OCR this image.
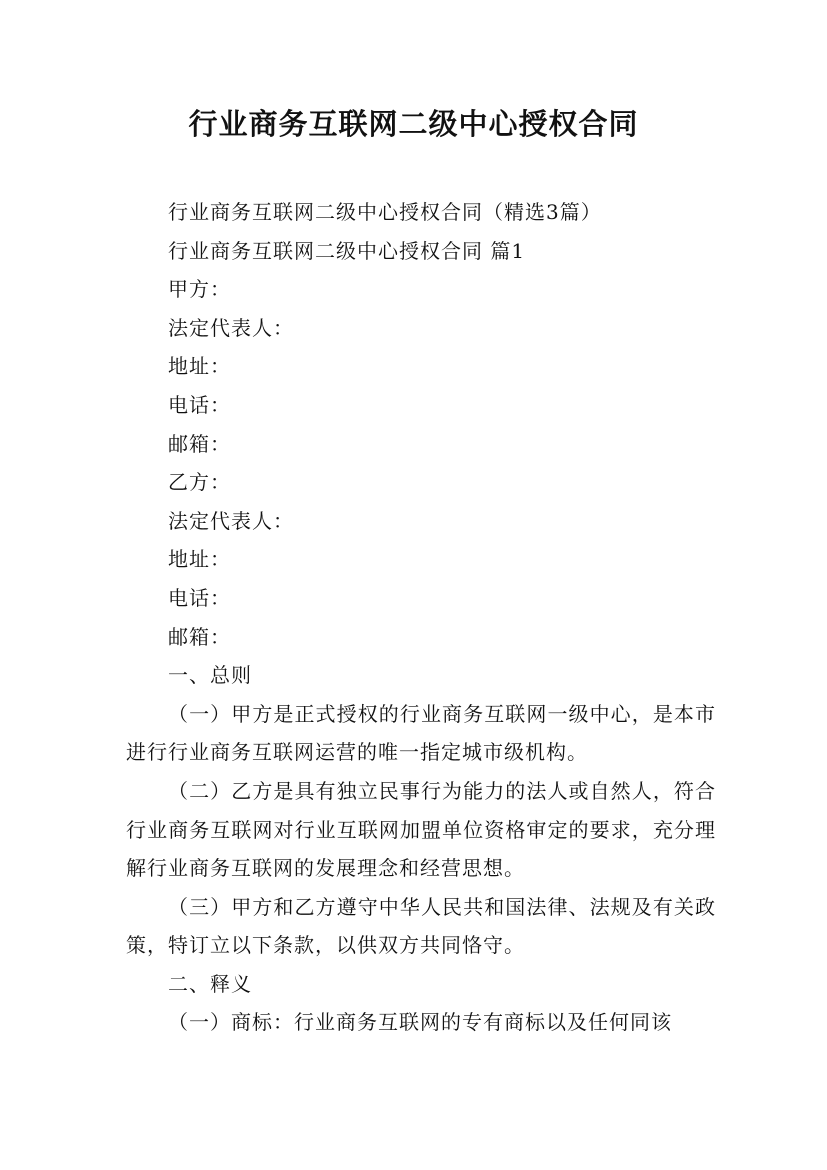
行业商务互联网二级中心授权合同

行业商务互联网二级中心授权合同（精选3篇）

行业商务互联网二级中心授权合同 篇1

甲方：

法定代表人：

地址：

电话：

邮箱：

乙方：

法定代表人：

地址：

电话：

邮箱：

一、总则

（一）甲方是正式授权的行业商务互联网一级中心，是本市进行行业商务互联网运营的唯一指定城市级机构。

（二）乙方是具有独立民事行为能力的法人或自然人，符合行业商务互联网对行业互联网加盟单位资格审定的要求，充分理解行业商务互联网的发展理念和经营思想。

（三）甲方和乙方遵守中华人民共和国法律、法规及有关政策，特订立以下条款，以供双方共同恪守。

二、释义

（一）商标：行业商务互联网的专有商标以及任何同该
